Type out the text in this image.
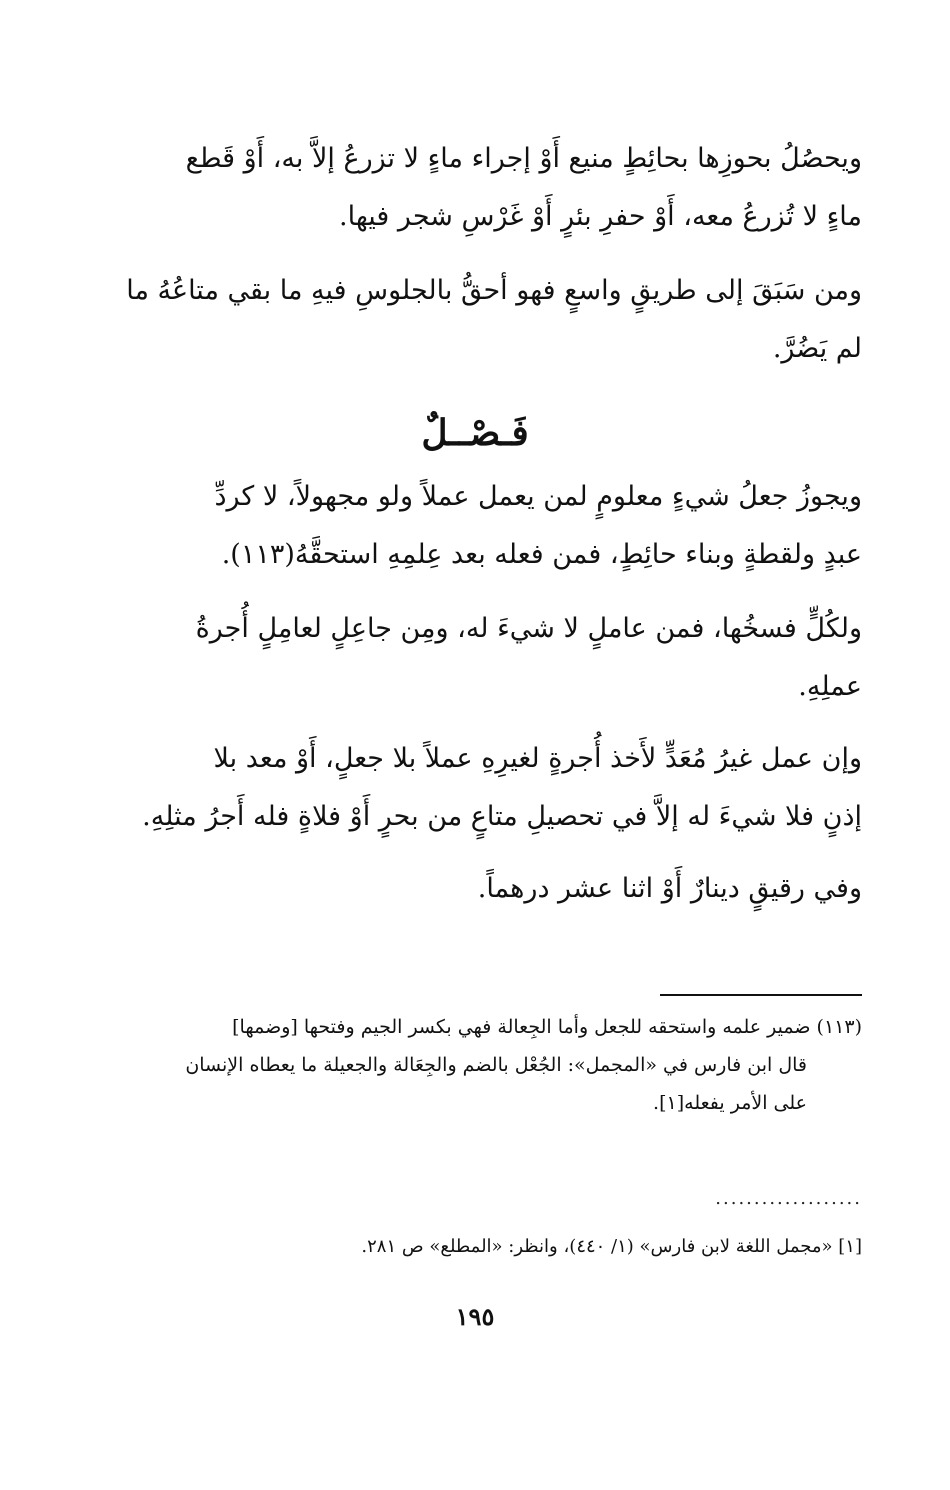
ويحصُلُ بحوزِها بحائِطٍ منيع أَوْ إجراء ماءٍ لا تزرعُ إلاَّ به، أَوْ قَطع
ماءٍ لا تُزرعُ معه، أَوْ حفرِ بئرٍ أَوْ غَرْسِ شجر فيها.
ومن سَبَقَ إلى طريقٍ واسعٍ فهو أحقُّ بالجلوسِ فيهِ ما بقي متاعُهُ ما
لم يَضُرَّ.
فَـصْــلٌ
ويجوزُ جعلُ شيءٍ معلومٍ لمن يعمل عملاً ولو مجهولاً، لا كردِّ
عبدٍ ولقطةٍ وبناء حائِطٍ، فمن فعله بعد عِلمِهِ استحقَّهُ(١١٣).
ولكُلٍّ فسخُها، فمن عاملٍ لا شيءَ له، ومِن جاعِلٍ لعامِلٍ أُجرةُ
عملِهِ.
وإن عمل غيرُ مُعَدٍّ لأَخذ أُجرةٍ لغيرِهِ عملاً بلا جعلٍ، أَوْ معد بلا
إذنٍ فلا شيءَ له إلاَّ في تحصيلِ متاعٍ من بحرٍ أَوْ فلاةٍ فله أَجرُ مثلِهِ.
وفي رقيقٍ دينارٌ أَوْ اثنا عشر درهماً.
(١١٣) ضمير علمه واستحقه للجعل وأما الجِعالة فهي بكسر الجيم وفتحها [وضمها]
قال ابن فارس في «المجمل»: الجُعْل بالضم والجِعَالة والجعيلة ما يعطاه الإنسان
على الأمر يفعله[١].
...................
[١] «مجمل اللغة لابن فارس» (١/ ٤٤٠)، وانظر: «المطلع» ص ٢٨١.
١٩٥
